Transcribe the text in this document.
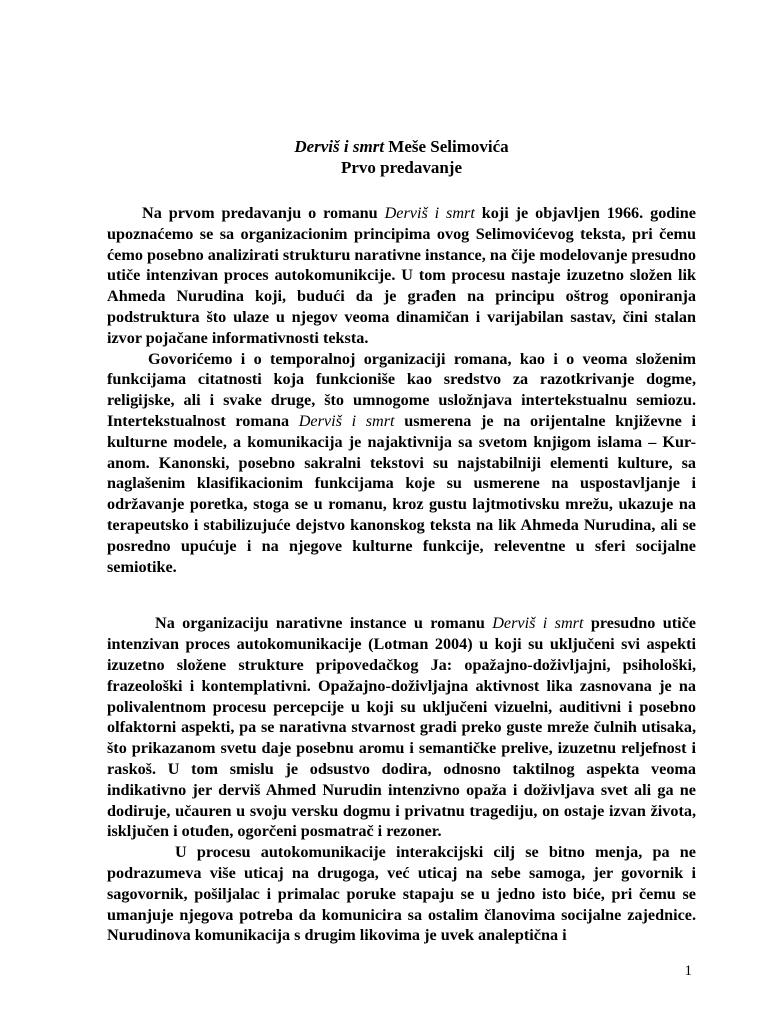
Derviš i smrt Meše Selimovića
Prvo predavanje

Na prvom predavanju o romanu Derviš i smrt koji je objavljen 1966. godine upoznaćemo se sa organizacionim principima ovog Selimovićevog teksta, pri čemu ćemo posebno analizirati strukturu narativne instance, na čije modelovanje presudno utiče intenzivan proces autokomunikcije. U tom procesu nastaje izuzetno složen lik Ahmeda Nurudina koji, budući da je građen na principu oštrog oponiranja podstruktura što ulaze u njegov veoma dinamičan i varijabilan sastav, čini stalan izvor pojačane informativnosti teksta.

Govorićemo i o temporalnoj organizaciji romana, kao i o veoma složenim funkcijama citatnosti koja funkcioniše kao sredstvo za razotkrivanje dogme, religijske, ali i svake druge, što umnogome usložnjava intertekstualnu semiozu. Intertekstualnost romana Derviš i smrt usmerena je na orijentalne književne i kulturne modele, a komunikacija je najaktivnija sa svetom knjigom islama – Kur-anom. Kanonski, posebno sakralni tekstovi su najstabilniji elementi kulture, sa naglašenim klasifikacionim funkcijama koje su usmerene na uspostavljanje i održavanje poretka, stoga se u romanu, kroz gustu lajtmotivsku mrežu, ukazuje na terapeutsko i stabilizujuće dejstvo kanonskog teksta na lik Ahmeda Nurudina, ali se posredno upućuje i na njegove kulturne funkcije, releventne u sferi socijalne semiotike.

Na organizaciju narativne instance u romanu Derviš i smrt presudno utiče intenzivan proces autokomunikacije (Lotman 2004) u koji su uključeni svi aspekti izuzetno složene strukture pripovedačkog Ja: opažajno-doživljajni, psihološki, frazeološki i kontemplativni. Opažajno-doživljajna aktivnost lika zasnovana je na polivalentnom procesu percepcije u koji su uključeni vizuelni, auditivni i posebno olfaktorni aspekti, pa se narativna stvarnost gradi preko guste mreže čulnih utisaka, što prikazanom svetu daje posebnu aromu i semantičke prelive, izuzetnu reljefnost i raskoš. U tom smislu je odsustvo dodira, odnosno taktilnog aspekta veoma indikativno jer derviš Ahmed Nurudin intenzivno opaža i doživljava svet ali ga ne dodiruje, učauren u svoju versku dogmu i privatnu tragediju, on ostaje izvan života, isključen i otuđen, ogorčeni posmatrač i rezoner.

U procesu autokomunikacije interakcijski cilj se bitno menja, pa ne podrazumeva više uticaj na drugoga, već uticaj na sebe samoga, jer govornik i sagovornik, pošiljalac i primalac poruke stapaju se u jedno isto biće, pri čemu se umanjuje njegova potreba da komunicira sa ostalim članovima socijalne zajednice. Nurudinova komunikacija s drugim likovima je uvek analeptična i

1
